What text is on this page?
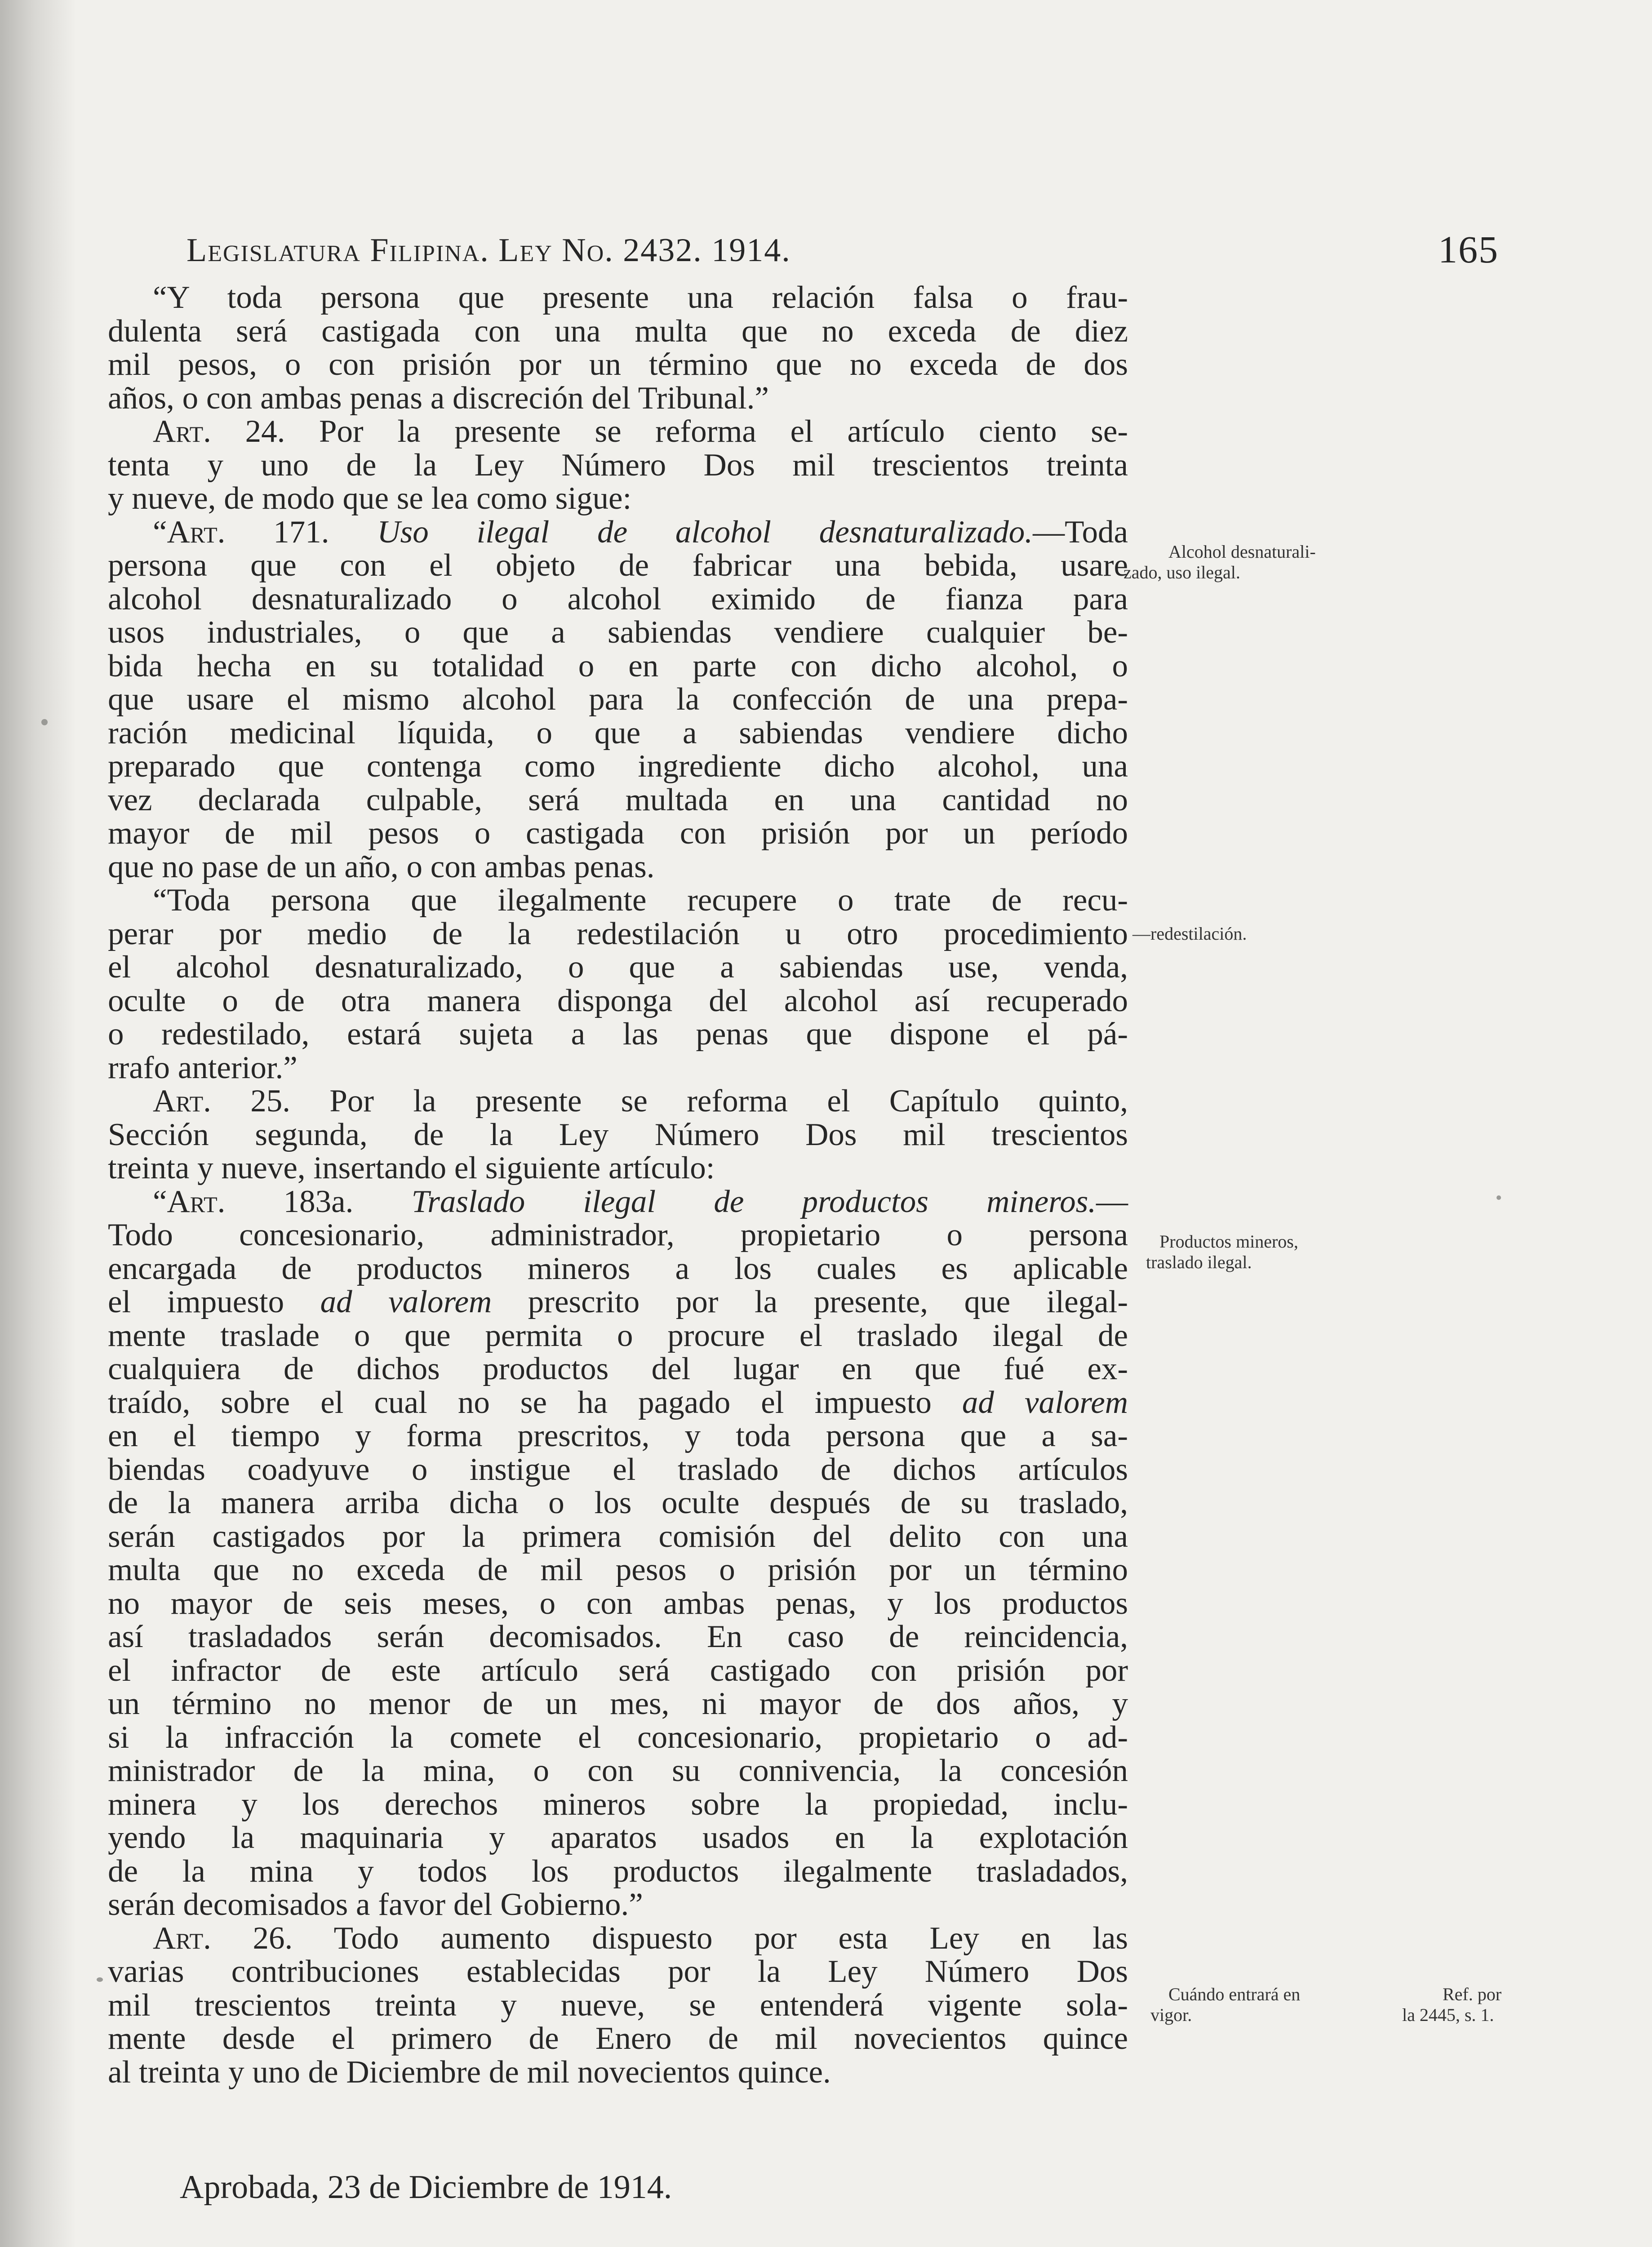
Legislatura Filipina. Ley No. 2432. 1914.	165
“Y toda persona que presente una relación falsa o frau-
dulenta será castigada con una multa que no exceda de diez
mil pesos, o con prisión por un término que no exceda de dos
años, o con ambas penas a discreción del Tribunal.”
Art. 24. Por la presente se reforma el artículo ciento se-
tenta y uno de la Ley Número Dos mil trescientos treinta
y nueve, de modo que se lea como sigue:
“Art. 171. Uso ilegal de alcohol desnaturalizado.—Toda
persona que con el objeto de fabricar una bebida, usare
alcohol desnaturalizado o alcohol eximido de fianza para
usos industriales, o que a sabiendas vendiere cualquier be-
bida hecha en su totalidad o en parte con dicho alcohol, o
que usare el mismo alcohol para la confección de una prepa-
ración medicinal líquida, o que a sabiendas vendiere dicho
preparado que contenga como ingrediente dicho alcohol, una
vez declarada culpable, será multada en una cantidad no
mayor de mil pesos o castigada con prisión por un período
que no pase de un año, o con ambas penas.
“Toda persona que ilegalmente recupere o trate de recu-
perar por medio de la redestilación u otro procedimiento
el alcohol desnaturalizado, o que a sabiendas use, venda,
oculte o de otra manera disponga del alcohol así recuperado
o redestilado, estará sujeta a las penas que dispone el pá-
rrafo anterior.”
Art. 25. Por la presente se reforma el Capítulo quinto,
Sección segunda, de la Ley Número Dos mil trescientos
treinta y nueve, insertando el siguiente artículo:
“Art. 183a. Traslado ilegal de productos mineros.—
Todo concesionario, administrador, propietario o persona
encargada de productos mineros a los cuales es aplicable
el impuesto ad valorem prescrito por la presente, que ilegal-
mente traslade o que permita o procure el traslado ilegal de
cualquiera de dichos productos del lugar en que fué ex-
traído, sobre el cual no se ha pagado el impuesto ad valorem
en el tiempo y forma prescritos, y toda persona que a sa-
biendas coadyuve o instigue el traslado de dichos artículos
de la manera arriba dicha o los oculte después de su traslado,
serán castigados por la primera comisión del delito con una
multa que no exceda de mil pesos o prisión por un término
no mayor de seis meses, o con ambas penas, y los productos
así trasladados serán decomisados. En caso de reincidencia,
el infractor de este artículo será castigado con prisión por
un término no menor de un mes, ni mayor de dos años, y
si la infracción la comete el concesionario, propietario o ad-
ministrador de la mina, o con su connivencia, la concesión
minera y los derechos mineros sobre la propiedad, inclu-
yendo la maquinaria y aparatos usados en la explotación
de la mina y todos los productos ilegalmente trasladados,
serán decomisados a favor del Gobierno.”
Art. 26. Todo aumento dispuesto por esta Ley en las
varias contribuciones establecidas por la Ley Número Dos
mil trescientos treinta y nueve, se entenderá vigente sola-
mente desde el primero de Enero de mil novecientos quince
al treinta y uno de Diciembre de mil novecientos quince.
Aprobada, 23 de Diciembre de 1914.
Alcohol desnaturali-
zado, uso ilegal.
—redestilación.
Productos mineros,
traslado ilegal.
Cuándo entrará en
vigor.
Ref. por
la 2445, s. 1.
